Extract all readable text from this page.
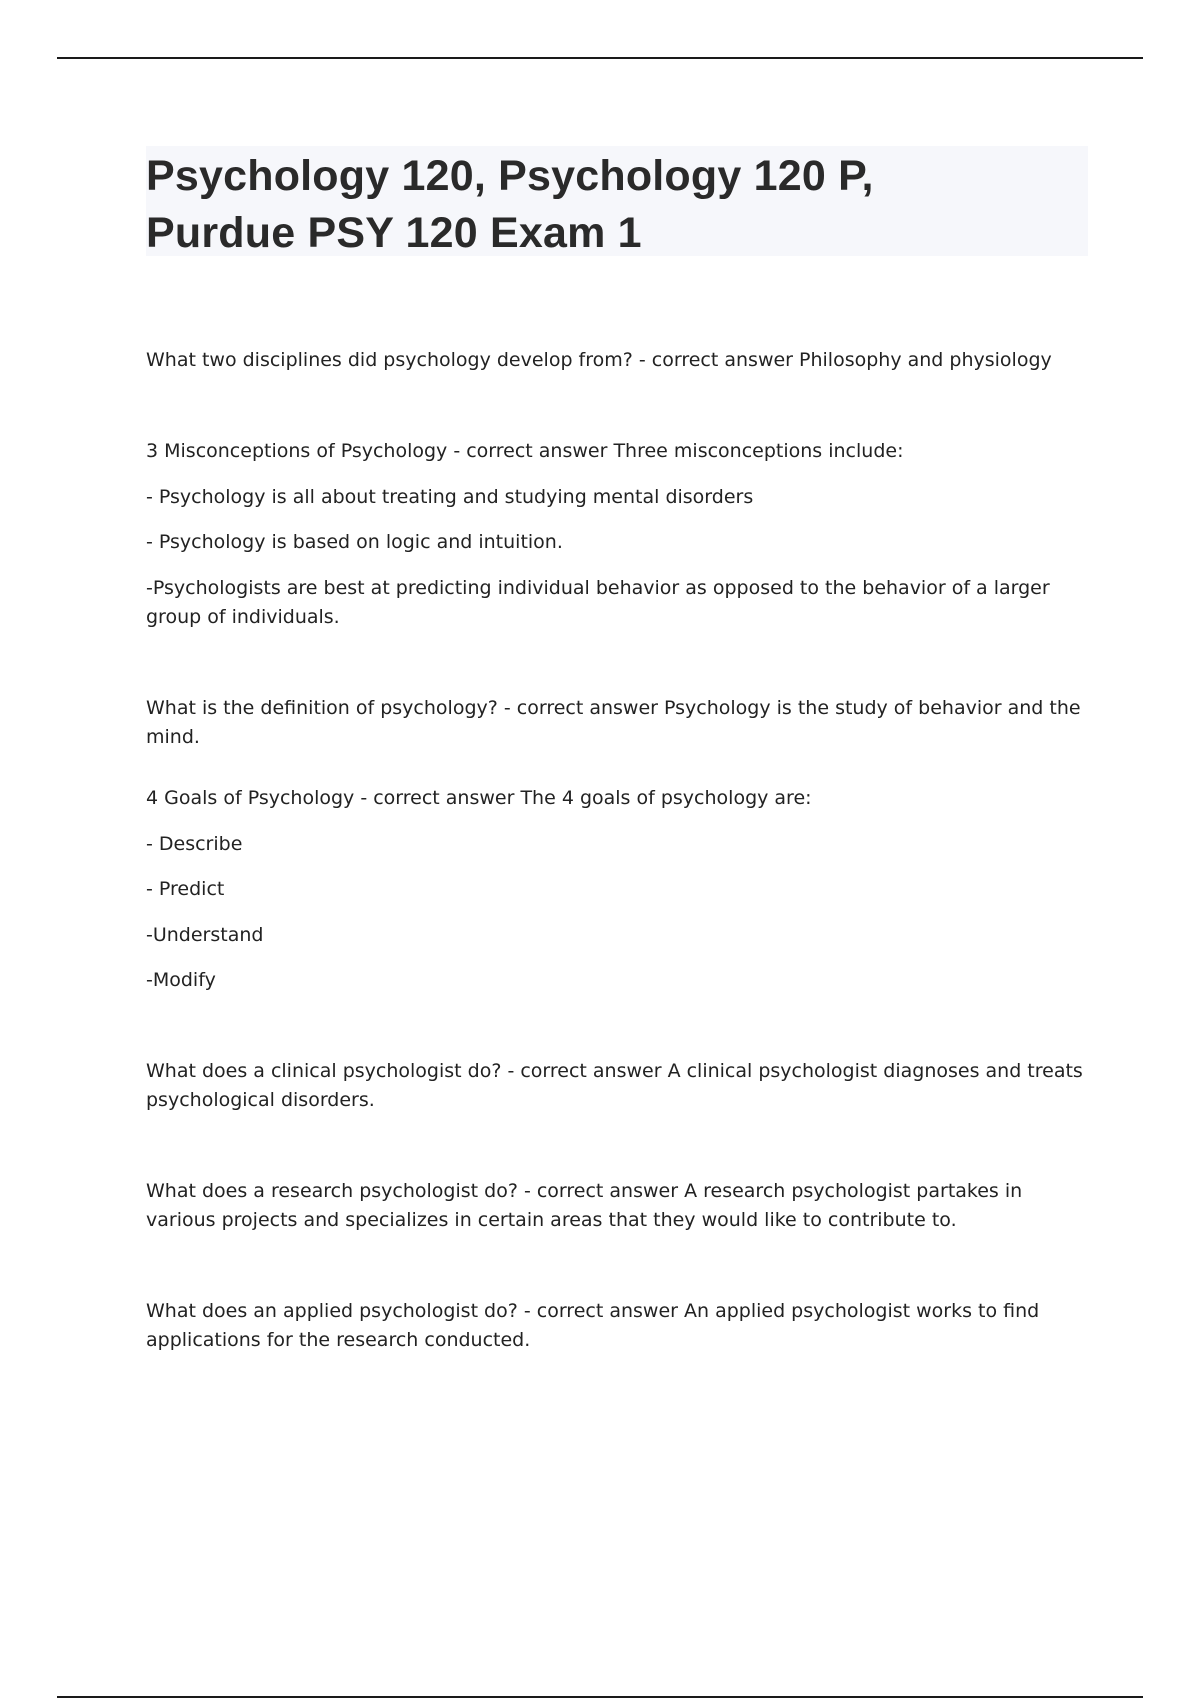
Psychology 120, Psychology 120 P,
Purdue PSY 120 Exam 1

What two disciplines did psychology develop from? - correct answer Philosophy and physiology

3 Misconceptions of Psychology - correct answer Three misconceptions include:

- Psychology is all about treating and studying mental disorders

- Psychology is based on logic and intuition.

-Psychologists are best at predicting individual behavior as opposed to the behavior of a larger group of individuals.

What is the definition of psychology? - correct answer Psychology is the study of behavior and the mind.

4 Goals of Psychology - correct answer The 4 goals of psychology are:

- Describe

- Predict

-Understand

-Modify

What does a clinical psychologist do? - correct answer A clinical psychologist diagnoses and treats psychological disorders.

What does a research psychologist do? - correct answer A research psychologist partakes in various projects and specializes in certain areas that they would like to contribute to.

What does an applied psychologist do? - correct answer An applied psychologist works to find applications for the research conducted.
